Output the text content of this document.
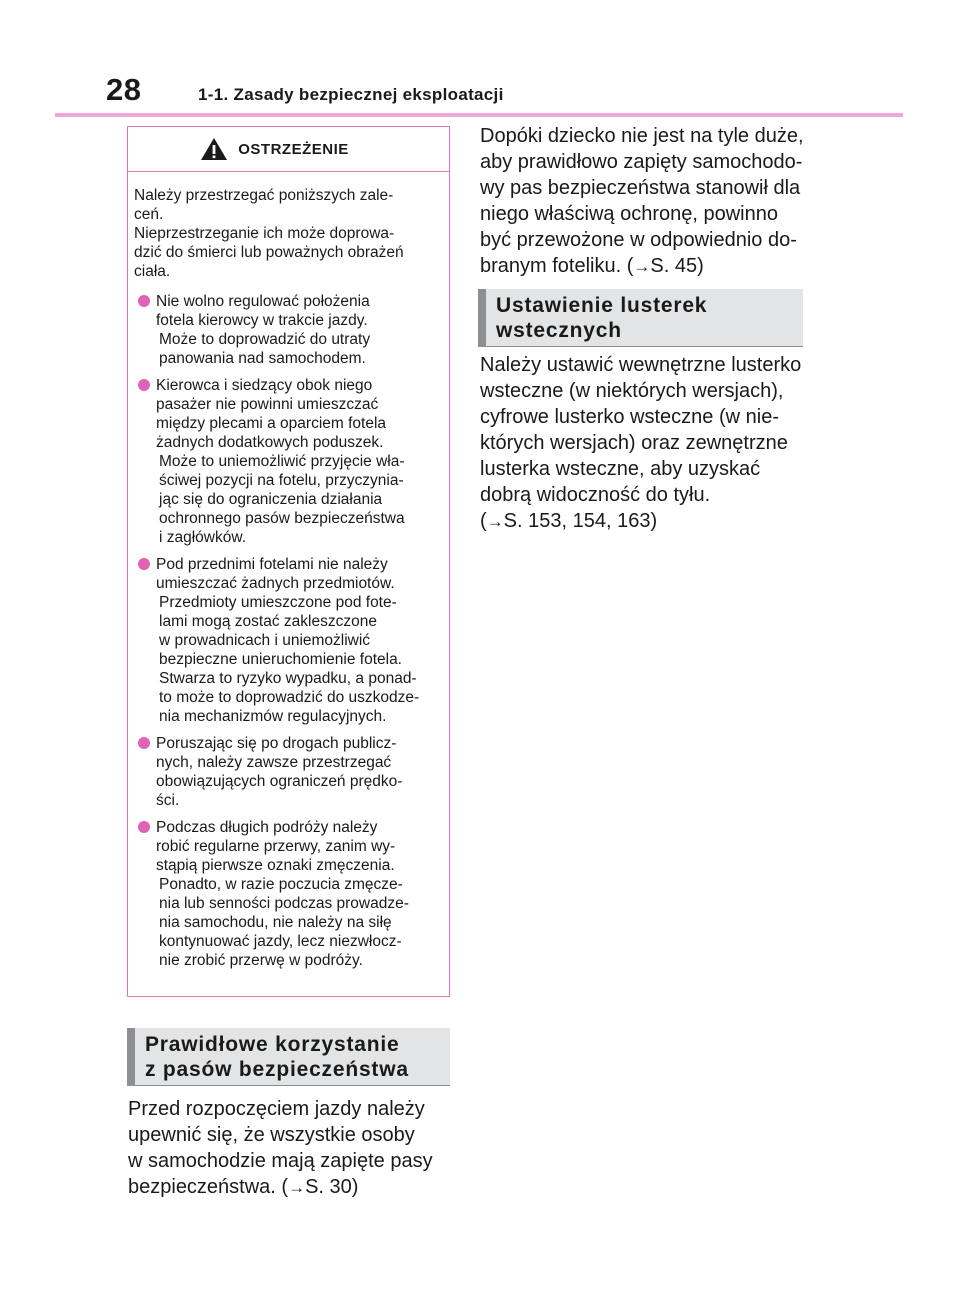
28	1-1. Zasady bezpiecznej eksploatacji
OSTRZEŻENIE

Należy przestrzegać poniższych zale-
ceń.
Nieprzestrzeganie ich może doprowa-
dzić do śmierci lub poważnych obrażeń
ciała.

Nie wolno regulować położenia
fotela kierowcy w trakcie jazdy.
Może to doprowadzić do utraty
panowania nad samochodem.
Kierowca i siedzący obok niego
pasażer nie powinni umieszczać
między plecami a oparciem fotela
żadnych dodatkowych poduszek.
Może to uniemożliwić przyjęcie wła-
ściwej pozycji na fotelu, przyczynia-
jąc się do ograniczenia działania
ochronnego pasów bezpieczeństwa
i zagłówków.
Pod przednimi fotelami nie należy
umieszczać żadnych przedmiotów.
Przedmioty umieszczone pod fote-
lami mogą zostać zakleszczone
w prowadnicach i uniemożliwić
bezpieczne unieruchomienie fotela.
Stwarza to ryzyko wypadku, a ponad-
to może to doprowadzić do uszkodze-
nia mechanizmów regulacyjnych.
Poruszając się po drogach publicz-
nych, należy zawsze przestrzegać
obowiązujących ograniczeń prędko-
ści.
Podczas długich podróży należy
robić regularne przerwy, zanim wy-
stąpią pierwsze oznaki zmęczenia.
Ponadto, w razie poczucia zmęcze-
nia lub senności podczas prowadze-
nia samochodu, nie należy na siłę
kontynuować jazdy, lecz niezwłocz-
nie zrobić przerwę w podróży.
Prawidłowe korzystanie
z pasów bezpieczeństwa
Przed rozpoczęciem jazdy należy
upewnić się, że wszystkie osoby
w samochodzie mają zapięte pasy
bezpieczeństwa. (→S. 30)
Dopóki dziecko nie jest na tyle duże,
aby prawidłowo zapięty samochodo-
wy pas bezpieczeństwa stanowił dla
niego właściwą ochronę, powinno
być przewożone w odpowiednio do-
branym foteliku. (→S. 45)
Ustawienie lusterek
wstecznych
Należy ustawić wewnętrzne lusterko
wsteczne (w niektórych wersjach),
cyfrowe lusterko wsteczne (w nie-
których wersjach) oraz zewnętrzne
lusterka wsteczne, aby uzyskać
dobrą widoczność do tyłu.
(→S. 153, 154, 163)
